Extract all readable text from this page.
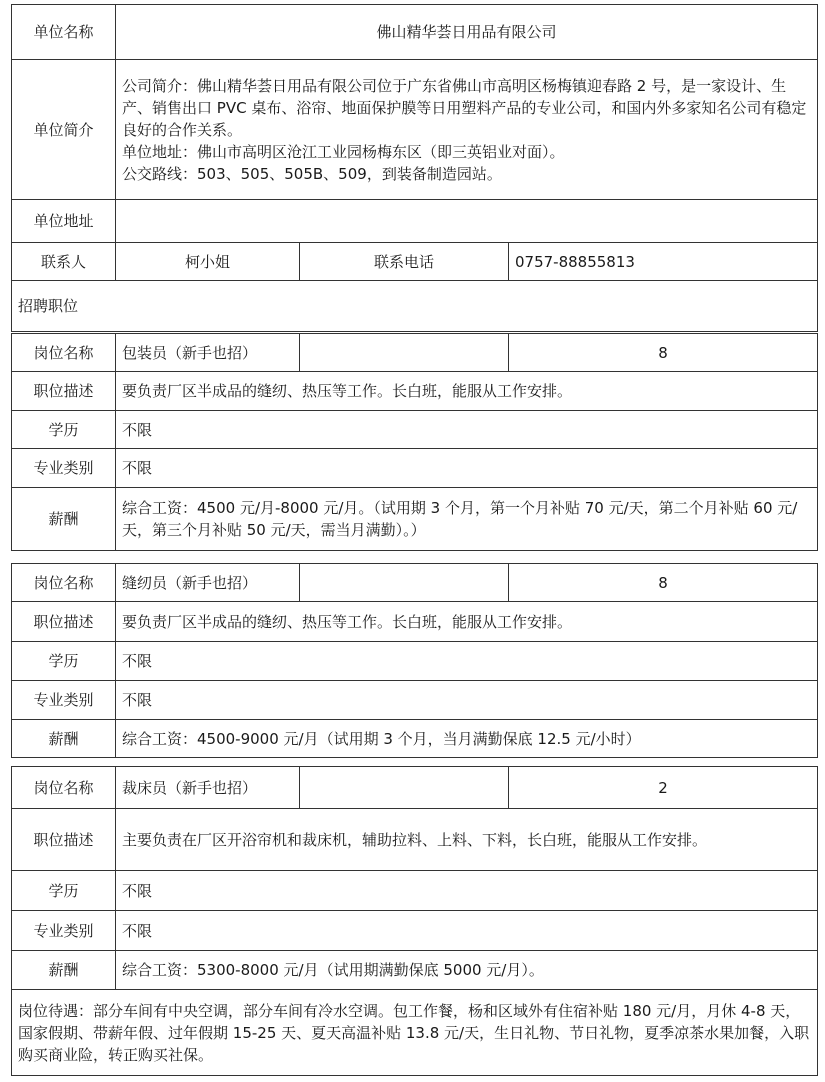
单位名称	佛山精华荟日用品有限公司		
单位简介	公司简介：佛山精华荟日用品有限公司位于广东省佛山市高明区杨梅镇迎春路 2 号，是一家设计、生产、销售出口 PVC 桌布、浴帘、地面保护膜等日用塑料产品的专业公司，和国内外多家知名公司有稳定良好的合作关系。
单位地址：佛山市高明区沧江工业园杨梅东区（即三英铝业对面）。
公交路线：503、505、505B、509，到装备制造园站。		

单位地址			
联系人	柯小姐	联系电话	0757-88855813
招聘职位			
岗位名称	包装员（新手也招）		8
职位描述	要负责厂区半成品的缝纫、热压等工作。长白班，能服从工作安排。		
学历	不限		
专业类别	不限		
薪酬	综合工资：4500 元/月-8000 元/月。（试用期 3 个月，第一个月补贴 70 元/天，第二个月补贴 60 元/天，第三个月补贴 50 元/天，需当月满勤）。）		
岗位名称	缝纫员（新手也招）		8
职位描述	要负责厂区半成品的缝纫、热压等工作。长白班，能服从工作安排。		
学历	不限		
专业类别	不限		
薪酬	综合工资：4500-9000 元/月（试用期 3 个月，当月满勤保底 12.5 元/小时）		
岗位名称	裁床员（新手也招）		2
职位描述	主要负责在厂区开浴帘机和裁床机，辅助拉料、上料、下料，长白班，能服从工作安排。		
学历	不限		
专业类别	不限		
薪酬	综合工资：5300-8000 元/月（试用期满勤保底 5000 元/月）。		
岗位待遇：部分车间有中央空调，部分车间有冷水空调。包工作餐，杨和区域外有住宿补贴 180 元/月，月休 4-8 天，国家假期、带薪年假、过年假期 15-25 天、夏天高温补贴 13.8 元/天，生日礼物、节日礼物，夏季凉茶水果加餐，入职购买商业险，转正购买社保。
